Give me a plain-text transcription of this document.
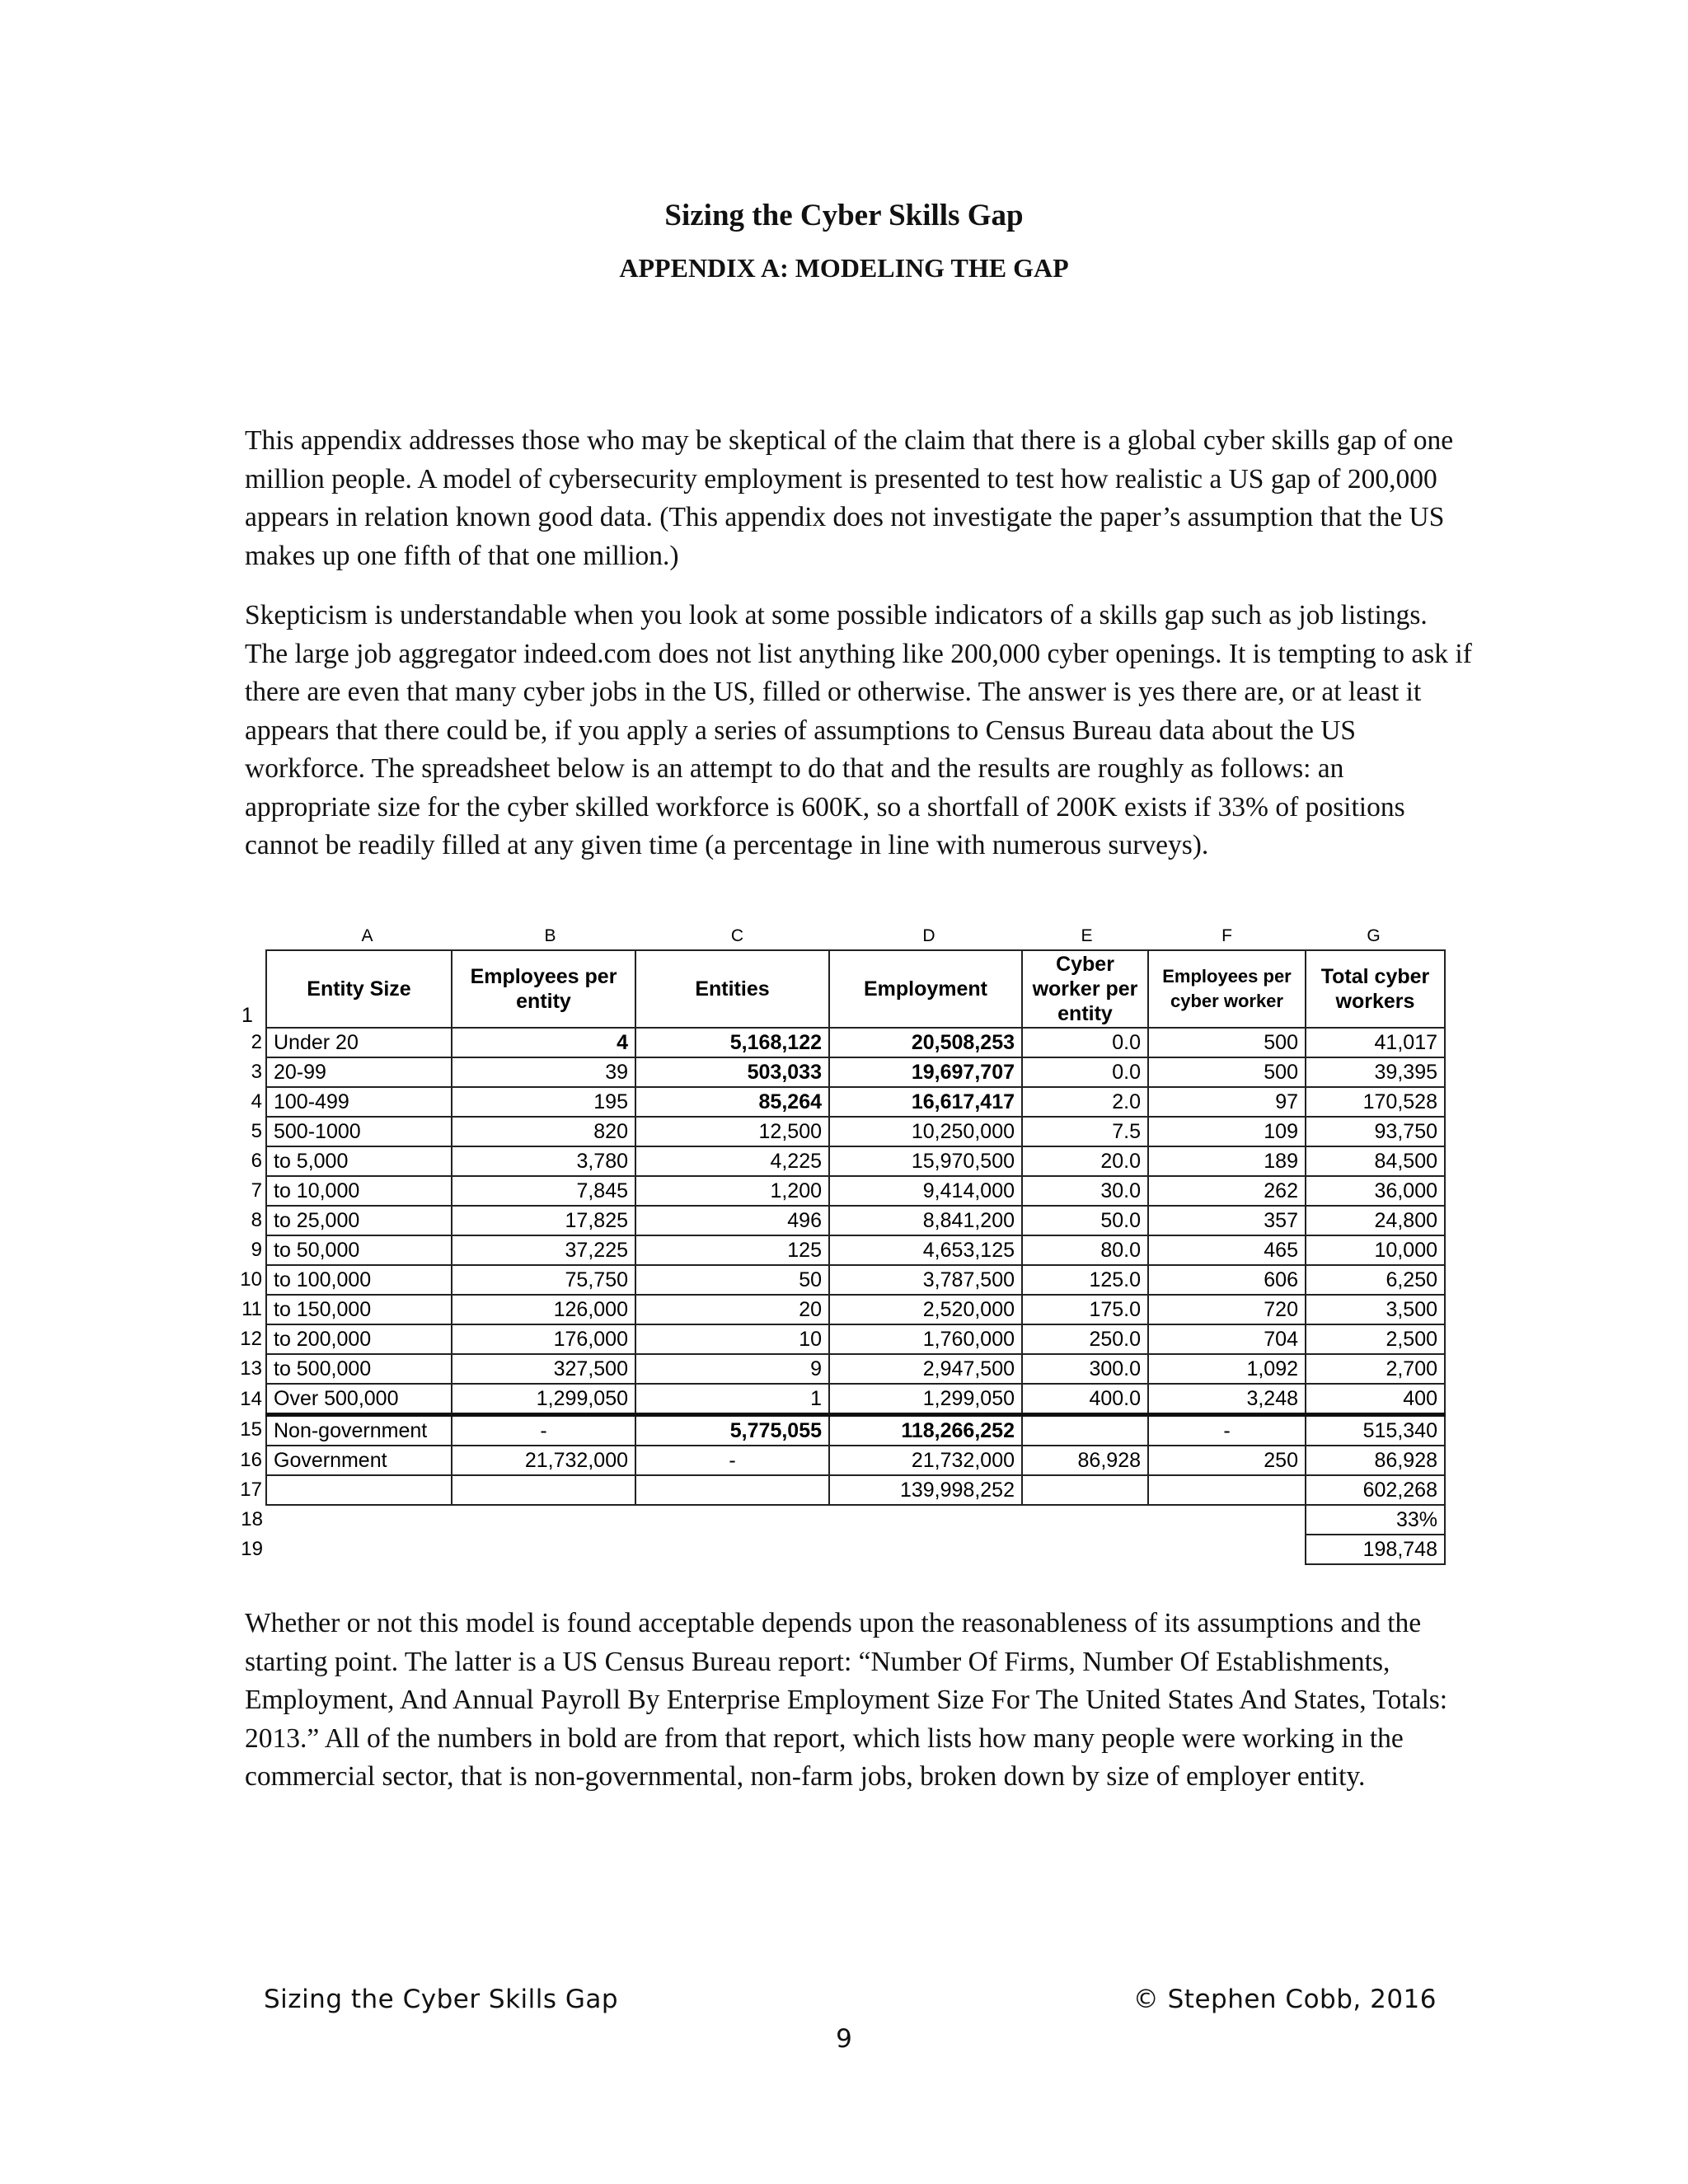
Sizing the Cyber Skills Gap
APPENDIX A: MODELING THE GAP

This appendix addresses those who may be skeptical of the claim that there is a global cyber skills gap of one million people. A model of cybersecurity employment is presented to test how realistic a US gap of 200,000 appears in relation known good data. (This appendix does not investigate the paper’s assumption that the US makes up one fifth of that one million.)

Skepticism is understandable when you look at some possible indicators of a skills gap such as job listings. The large job aggregator indeed.com does not list anything like 200,000 cyber openings. It is tempting to ask if there are even that many cyber jobs in the US, filled or otherwise. The answer is yes there are, or at least it appears that there could be, if you apply a series of assumptions to Census Bureau data about the US workforce. The spreadsheet below is an attempt to do that and the results are roughly as follows: an appropriate size for the cyber skilled workforce is 600K, so a shortfall of 200K exists if 33% of positions cannot be readily filled at any given time (a percentage in line with numerous surveys).

A	B	C	D	E	F	G
1	Entity Size	Employees per entity	Entities	Employment	Cyber worker per entity	Employees per cyber worker	Total cyber workers
2	Under 20	4	5,168,122	20,508,253	0.0	500	41,017
3	20-99	39	503,033	19,697,707	0.0	500	39,395
4	100-499	195	85,264	16,617,417	2.0	97	170,528
5	500-1000	820	12,500	10,250,000	7.5	109	93,750
6	to 5,000	3,780	4,225	15,970,500	20.0	189	84,500
7	to 10,000	7,845	1,200	9,414,000	30.0	262	36,000
8	to 25,000	17,825	496	8,841,200	50.0	357	24,800
9	to 50,000	37,225	125	4,653,125	80.0	465	10,000
10	to 100,000	75,750	50	3,787,500	125.0	606	6,250
11	to 150,000	126,000	20	2,520,000	175.0	720	3,500
12	to 200,000	176,000	10	1,760,000	250.0	704	2,500
13	to 500,000	327,500	9	2,947,500	300.0	1,092	2,700
14	Over 500,000	1,299,050	1	1,299,050	400.0	3,248	400
15	Non-government	-	5,775,055	118,266,252		-	515,340
16	Government	21,732,000	-	21,732,000	86,928	250	86,928
17				139,998,252			602,268
18							33%
19							198,748

Whether or not this model is found acceptable depends upon the reasonableness of its assumptions and the starting point. The latter is a US Census Bureau report: “Number Of Firms, Number Of Establishments, Employment, And Annual Payroll By Enterprise Employment Size For The United States And States, Totals: 2013.” All of the numbers in bold are from that report, which lists how many people were working in the commercial sector, that is non-governmental, non-farm jobs, broken down by size of employer entity.

Sizing the Cyber Skills Gap	© Stephen Cobb, 2016
9
